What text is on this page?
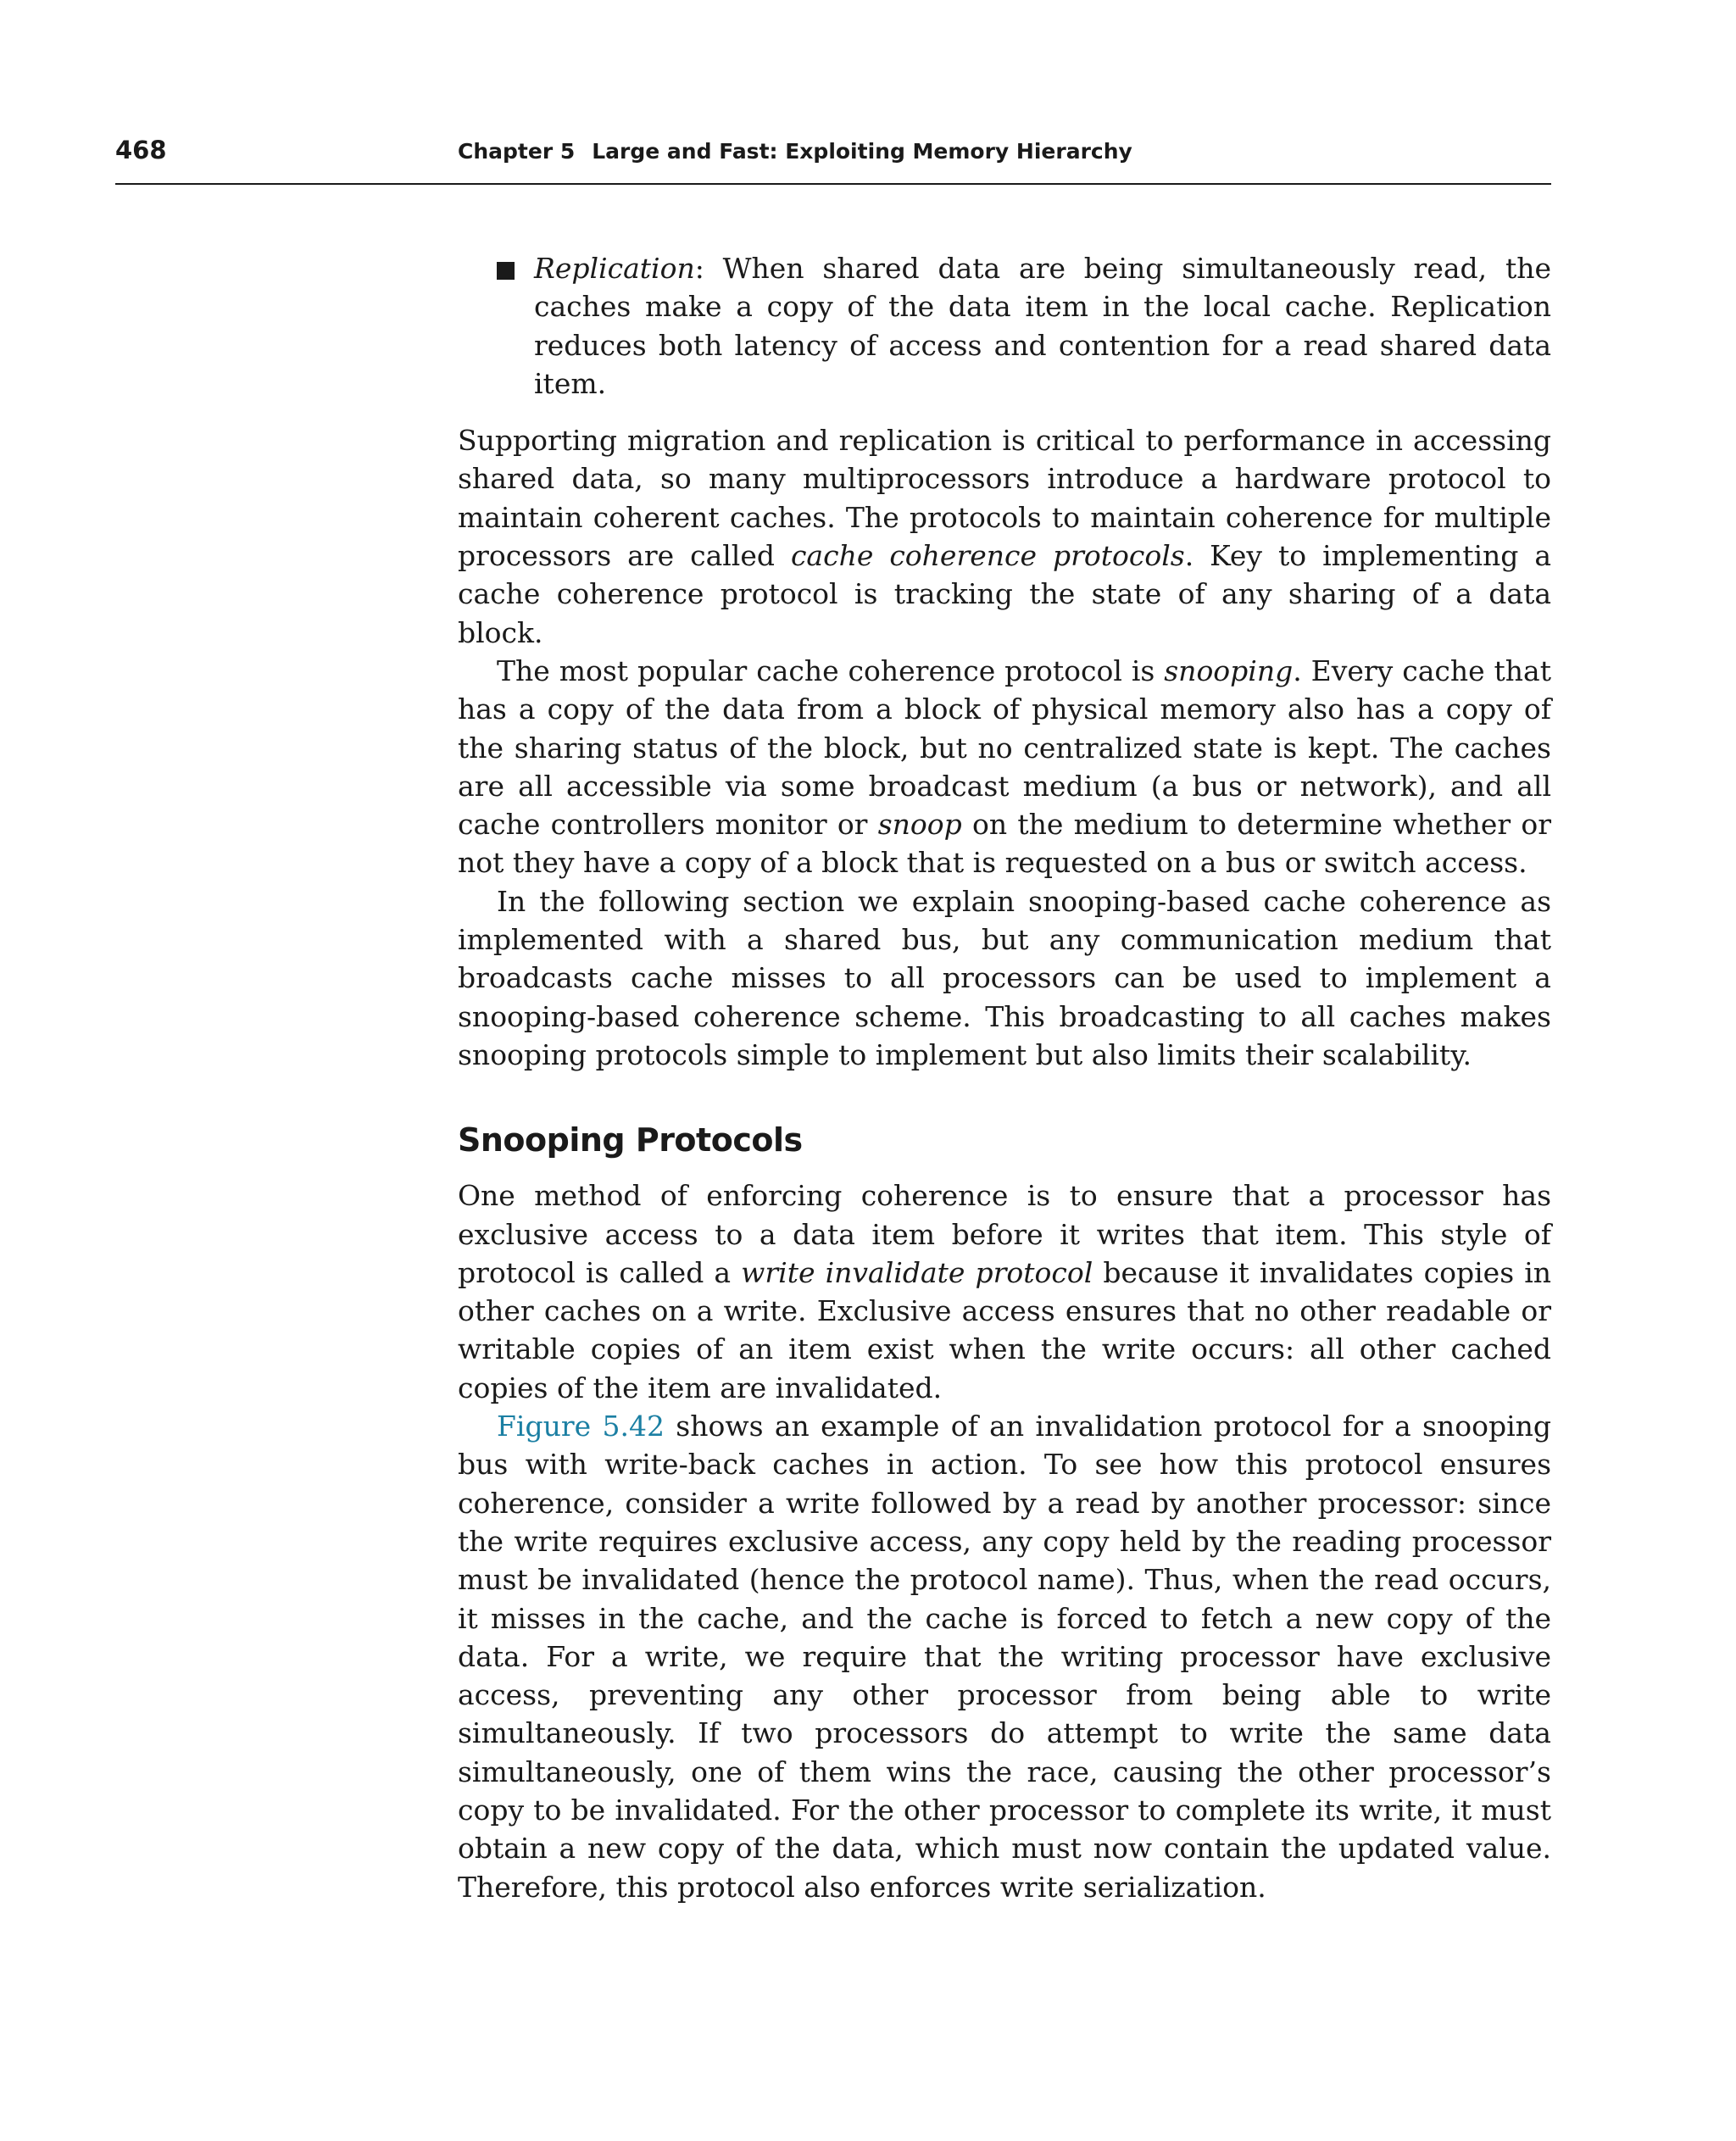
468	Chapter 5 Large and Fast: Exploiting Memory Hierarchy
Replication: When shared data are being simultaneously read, the caches make a copy of the data item in the local cache. Replication reduces both latency of access and contention for a read shared data item.

Supporting migration and replication is critical to performance in accessing shared data, so many multiprocessors introduce a hardware protocol to maintain coherent caches. The protocols to maintain coherence for multiple processors are called cache coherence protocols. Key to implementing a cache coherence protocol is tracking the state of any sharing of a data block.

The most popular cache coherence protocol is snooping. Every cache that has a copy of the data from a block of physical memory also has a copy of the sharing status of the block, but no centralized state is kept. The caches are all accessible via some broadcast medium (a bus or network), and all cache controllers monitor or snoop on the medium to determine whether or not they have a copy of a block that is requested on a bus or switch access.

In the following section we explain snooping-based cache coherence as implemented with a shared bus, but any communication medium that broadcasts cache misses to all processors can be used to implement a snooping-based coherence scheme. This broadcasting to all caches makes snooping protocols simple to implement but also limits their scalability.

Snooping Protocols

One method of enforcing coherence is to ensure that a processor has exclusive access to a data item before it writes that item. This style of protocol is called a write invalidate protocol because it invalidates copies in other caches on a write. Exclusive access ensures that no other readable or writable copies of an item exist when the write occurs: all other cached copies of the item are invalidated.

Figure 5.42 shows an example of an invalidation protocol for a snooping bus with write-back caches in action. To see how this protocol ensures coherence, consider a write followed by a read by another processor: since the write requires exclusive access, any copy held by the reading processor must be invalidated (hence the protocol name). Thus, when the read occurs, it misses in the cache, and the cache is forced to fetch a new copy of the data. For a write, we require that the writing processor have exclusive access, preventing any other processor from being able to write simultaneously. If two processors do attempt to write the same data simultaneously, one of them wins the race, causing the other processor’s copy to be invalidated. For the other processor to complete its write, it must obtain a new copy of the data, which must now contain the updated value. Therefore, this protocol also enforces write serialization.
